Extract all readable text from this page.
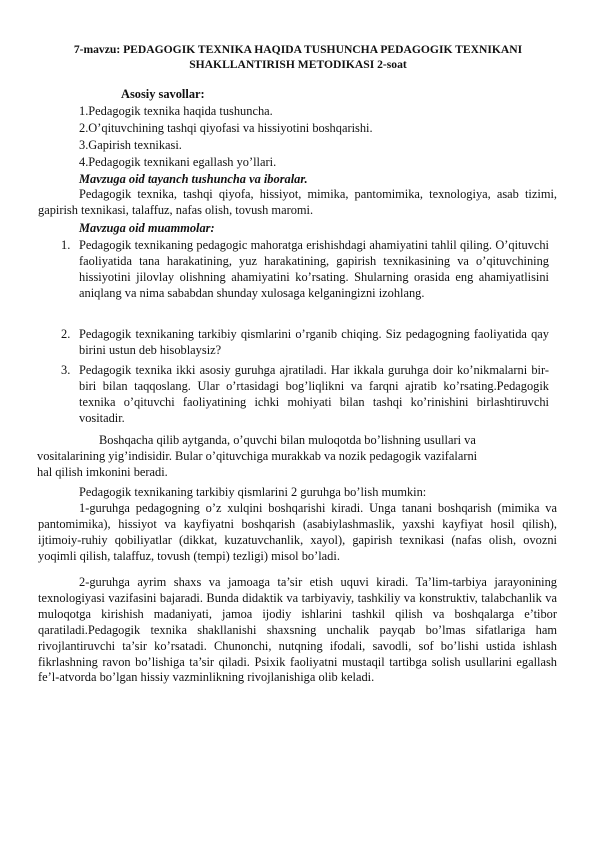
7-mavzu: PEDAGOGIK TEXNIKA HAQIDA TUSHUNCHA PEDAGOGIK TEXNIKANI SHAKLLANTIRISH METODIKASI 2-soat
Asosiy savollar:
1.Pedagogik texnika haqida tushuncha.
2.O’qituvchining tashqi qiyofasi va hissiyotini boshqarishi.
3.Gapirish texnikasi.
4.Pedagogik texnikani egallash yo’llari.
Mavzuga oid tayanch tushuncha va iboralar.
Pedagogik texnika, tashqi qiyofa, hissiyot, mimika, pantomimika, texnologiya, asab tizimi, gapirish texnikasi, talaffuz, nafas olish, tovush maromi.
Mavzuga oid muammolar:
1. Pedagogik texnikaning pedagogic mahoratga erishishdagi ahamiyatini tahlil qiling. O’qituvchi faoliyatida tana harakatining, yuz harakatining, gapirish texnikasining va o’qituvchining hissiyotini jilovlay olishning ahamiyatini ko’rsating. Shularning orasida eng ahamiyatlisini aniqlang va nima sababdan shunday xulosaga kelganingizni izohlang.
2. Pedagogik texnikaning tarkibiy qismlarini o’rganib chiqing. Siz pedagogning faoliyatida qay birini ustun deb hisoblaysiz?
3. Pedagogik texnika ikki asosiy guruhga ajratiladi. Har ikkala guruhga doir ko’nikmalarni bir-biri bilan taqqoslang. Ular o’rtasidagi bog’liqlikni va farqni ajratib ko’rsating.Pedagogik texnika o’qituvchi faoliyatining ichki mohiyati bilan tashqi ko’rinishini birlashtiruvchi vositadir.
Boshqacha qilib aytganda, o’quvchi bilan muloqotda bo’lishning usullari va vositalarining yig’indisidir. Bular o’qituvchiga murakkab va nozik pedagogik vazifalarni hal qilish imkonini beradi.
Pedagogik texnikaning tarkibiy qismlarini 2 guruhga bo’lish mumkin:
1-guruhga pedagogning o’z xulqini boshqarishi kiradi. Unga tanani boshqarish (mimika va pantomimika), hissiyot va kayfiyatni boshqarish (asabiylashmaslik, yaxshi kayfiyat hosil qilish), ijtimoiy-ruhiy qobiliyatlar (dikkat, kuzatuvchanlik, xayol), gapirish texnikasi (nafas olish, ovozni yoqimli qilish, talaffuz, tovush (tempi) tezligi) misol bo’ladi.
2-guruhga ayrim shaxs va jamoaga ta’sir etish uquvi kiradi. Ta’lim-tarbiya jarayonining texnologiyasi vazifasini bajaradi. Bunda didaktik va tarbiyaviy, tashkiliy va konstruktiv, talabchanlik va muloqotga kirishish madaniyati, jamoa ijodiy ishlarini tashkil qilish va boshqalarga e’tibor qaratiladi.Pedagogik texnika shakllanishi shaxsning unchalik payqab bo’lmas sifatlariga ham rivojlantiruvchi ta’sir ko’rsatadi. Chunonchi, nutqning ifodali, savodli, sof bo’lishi ustida ishlash fikrlashning ravon bo’lishiga ta’sir qiladi. Psixik faoliyatni mustaqil tartibga solish usullarini egallash fe’l-atvorda bo’lgan hissiy vazminlikning rivojlanishiga olib keladi.
